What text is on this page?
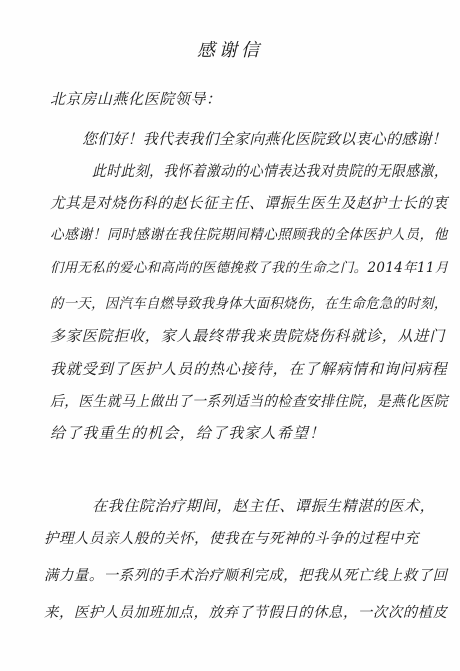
感谢信
北京房山燕化医院领导：
您们好！我代表我们全家向燕化医院致以衷心的感谢！
此时此刻，我怀着激动的心情表达我对贵院的无限感激，
尤其是对烧伤科的赵长征主任、谭振生医生及赵护士长的衷
心感谢！同时感谢在我住院期间精心照顾我的全体医护人员，他
们用无私的爱心和高尚的医德挽救了我的生命之门。2014年11月
的一天，因汽车自燃导致我身体大面积烧伤，在生命危急的时刻，
多家医院拒收，家人最终带我来贵院烧伤科就诊，从进门
我就受到了医护人员的热心接待，在了解病情和询问病程
后，医生就马上做出了一系列适当的检查安排住院，是燕化医院
给了我重生的机会，给了我家人希望！
在我住院治疗期间，赵主任、谭振生精湛的医术，
护理人员亲人般的关怀，使我在与死神的斗争的过程中充
满力量。一系列的手术治疗顺利完成，把我从死亡线上救了回
来，医护人员加班加点，放弃了节假日的休息，一次次的植皮
